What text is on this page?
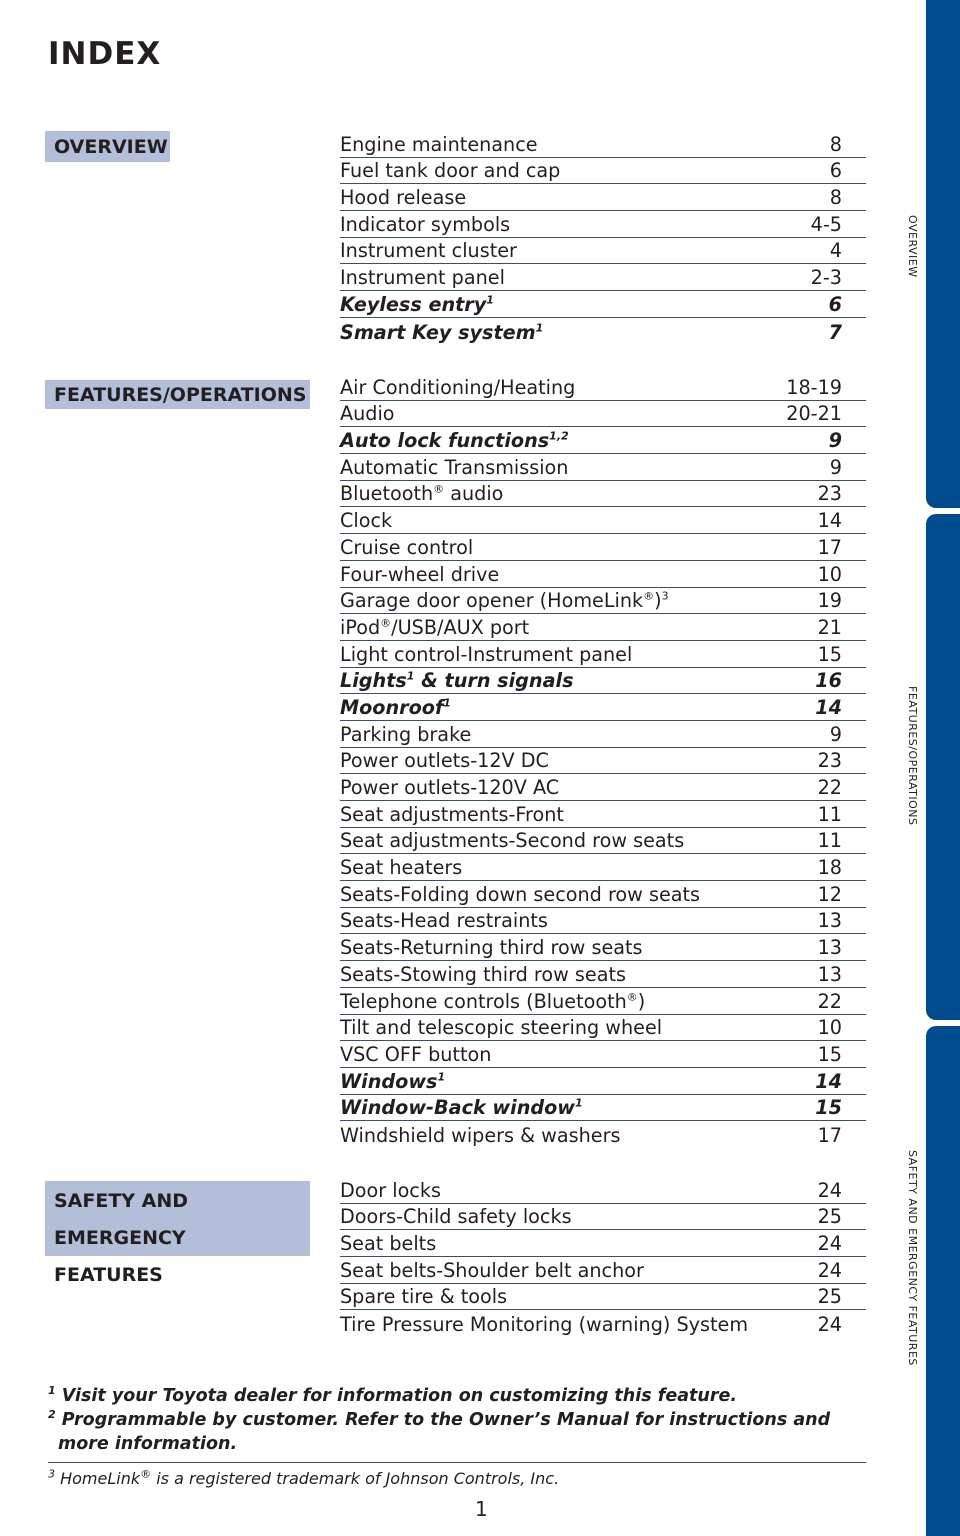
INDEX
OVERVIEW
FEATURES/OPERATIONS
SAFETY AND
EMERGENCY FEATURES
Engine maintenance	8
Fuel tank door and cap	6
Hood release	8
Indicator symbols	4-5
Instrument cluster	4
Instrument panel	2-3
Keyless entry$^1$	6
Smart Key system$^1$	7
Air Conditioning/Heating	18-19
Audio	20-21
Auto lock functions$^{1,2}$	9
Automatic Transmission	9
Bluetooth® audio	23
Clock	14
Cruise control	17
Four-wheel drive	10
Garage door opener (HomeLink®)$^3$	19
iPod®/USB/AUX port	21
Light control-Instrument panel	15
Lights$^1$ & turn signals	16
Moonroof$^1$	14
Parking brake	9
Power outlets-12V DC	23
Power outlets-120V AC	22
Seat adjustments-Front	11
Seat adjustments-Second row seats	11
Seat heaters	18
Seats-Folding down second row seats	12
Seats-Head restraints	13
Seats-Returning third row seats	13
Seats-Stowing third row seats	13
Telephone controls (Bluetooth®)	22
Tilt and telescopic steering wheel	10
VSC OFF button	15
Windows$^1$	14
Window-Back window$^1$	15
Windshield wipers & washers	17
Door locks	24
Doors-Child safety locks	25
Seat belts	24
Seat belts-Shoulder belt anchor	24
Spare tire & tools	25
Tire Pressure Monitoring (warning) System	24
OVERVIEW
FEATURES/OPERATIONS
SAFETY AND EMERGENCY FEATURES
$^1$ Visit your Toyota dealer for information on customizing this feature.
$^2$ Programmable by customer. Refer to the Owner’s Manual for instructions and more information.
$^3$ HomeLink® is a registered trademark of Johnson Controls, Inc.
1
